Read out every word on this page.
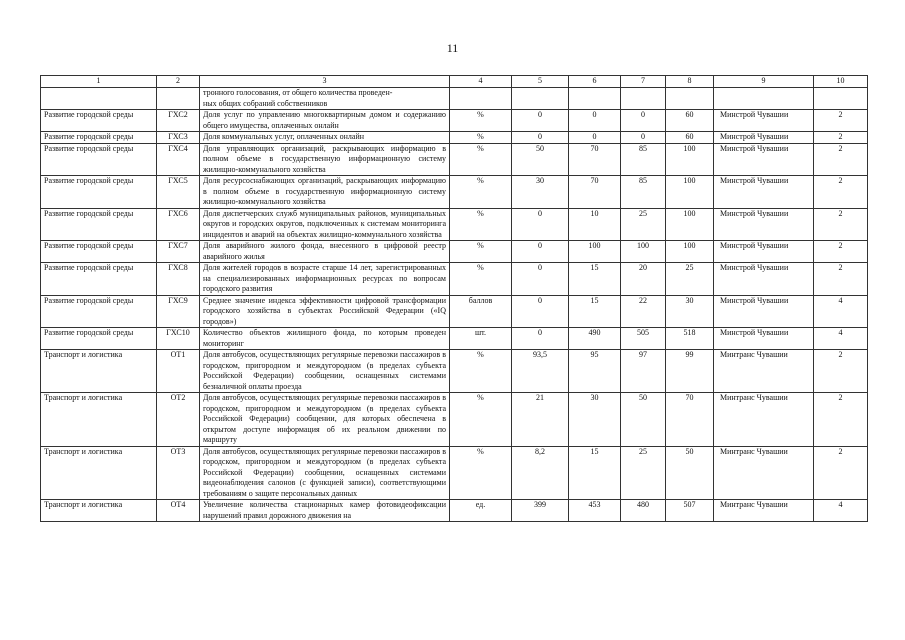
11
1	2	3	4	5	6	7	8	9	10
		тронного голосования, от общего количества проведен-
ных общих собраний собственников							
Развитие городской среды	ГХС2	Доля услуг по управлению многоквартирным домом и содержанию общего имущества, оплаченных онлайн	%	0	0	0	60	Минстрой Чувашии	2
Развитие городской среды	ГХС3	Доля коммунальных услуг, оплаченных онлайн	%	0	0	0	60	Минстрой Чувашии	2
Развитие городской среды	ГХС4	Доля управляющих организаций, раскрывающих информацию в полном объеме в государственную информационную систему жилищно-коммунального хозяйства	%	50	70	85	100	Минстрой Чувашии	2
Развитие городской среды	ГХС5	Доля ресурсоснабжающих организаций, раскрывающих информацию в полном объеме в государственную информационную систему жилищно-коммунального хозяйства	%	30	70	85	100	Минстрой Чувашии	2
Развитие городской среды	ГХС6	Доля диспетчерских служб муниципальных районов, муниципальных округов и городских округов, подключенных к системам мониторинга инцидентов и аварий на объектах жилищно-коммунального хозяйства	%	0	10	25	100	Минстрой Чувашии	2
Развитие городской среды	ГХС7	Доля аварийного жилого фонда, внесенного в цифровой реестр аварийного жилья	%	0	100	100	100	Минстрой Чувашии	2
Развитие городской среды	ГХС8	Доля жителей городов в возрасте старше 14 лет, зарегистрированных на специализированных информационных ресурсах по вопросам городского развития	%	0	15	20	25	Минстрой Чувашии	2
Развитие городской среды	ГХС9	Среднее значение индекса эффективности цифровой трансформации городского хозяйства в субъектах Российской Федерации («IQ городов»)	баллов	0	15	22	30	Минстрой Чувашии	4
Развитие городской среды	ГХС10	Количество объектов жилищного фонда, по которым проведен мониторинг	шт.	0	490	505	518	Минстрой Чувашии	4
Транспорт и логистика	ОТ1	Доля автобусов, осуществляющих регулярные перевозки пассажиров в городском, пригородном и междугородном (в пределах субъекта Российской Федерации) сообщении, оснащенных системами безналичной оплаты проезда	%	93,5	95	97	99	Минтранс Чувашии	2
Транспорт и логистика	ОТ2	Доля автобусов, осуществляющих регулярные перевозки пассажиров в городском, пригородном и междугородном (в пределах субъекта Российской Федерации) сообщении, для которых обеспечена в открытом доступе информация об их реальном движении по маршруту	%	21	30	50	70	Минтранс Чувашии	2
Транспорт и логистика	ОТ3	Доля автобусов, осуществляющих регулярные перевозки пассажиров в городском, пригородном и междугородном (в пределах субъекта Российской Федерации) сообщении, оснащенных системами видеонаблюдения салонов (с функцией записи), соответствующими требованиям о защите персональных данных	%	8,2	15	25	50	Минтранс Чувашии	2
Транспорт и логистика	ОТ4	Увеличение количества стационарных камер фотовидеофиксации нарушений правил дорожного движения на	ед.	399	453	480	507	Минтранс Чувашии	4
